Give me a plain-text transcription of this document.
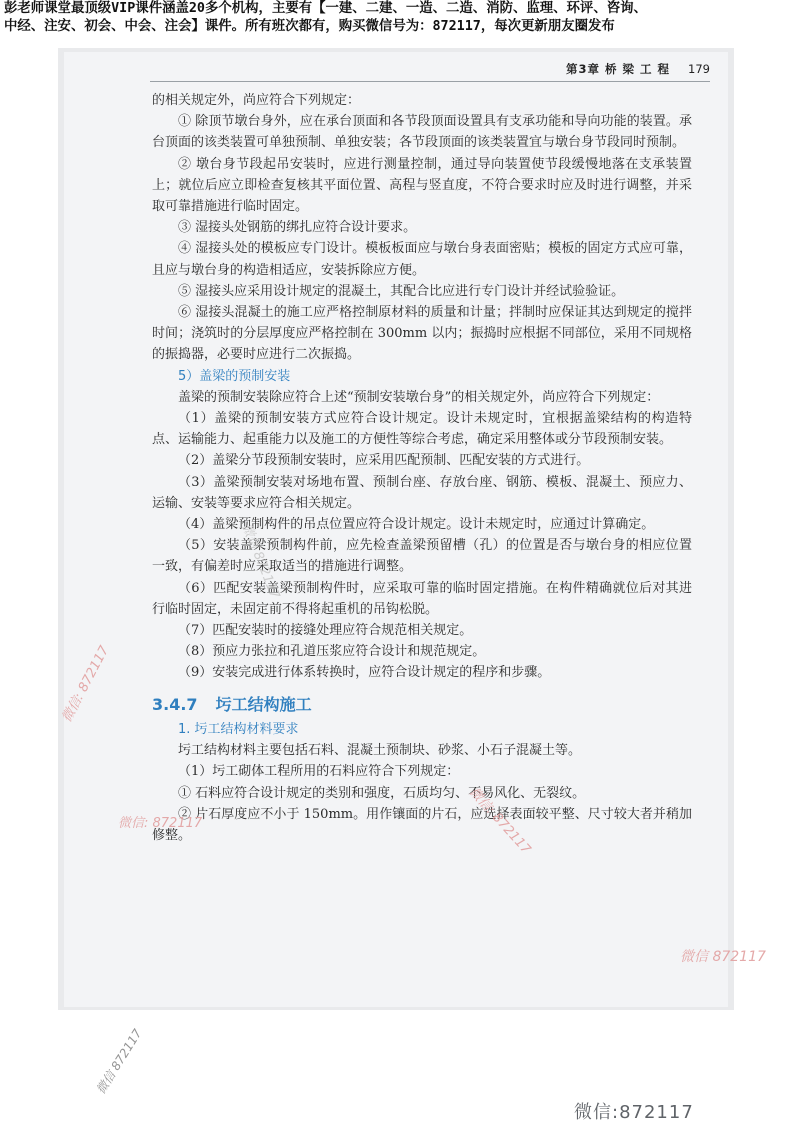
彭老师课堂最顶级VIP课件涵盖20多个机构，主要有【一建、二建、一造、二造、消防、监理、环评、咨询、
中经、注安、初会、中会、注会】课件。所有班次都有，购买微信号为：872117，每次更新朋友圈发布
第3章 桥 梁 工 程 179

的相关规定外，尚应符合下列规定：

① 除顶节墩台身外，应在承台顶面和各节段顶面设置具有支承功能和导向功能的装置。承台顶面的该类装置可单独预制、单独安装；各节段顶面的该类装置宜与墩台身节段同时预制。

② 墩台身节段起吊安装时，应进行测量控制，通过导向装置使节段缓慢地落在支承装置上；就位后应立即检查复核其平面位置、高程与竖直度，不符合要求时应及时进行调整，并采取可靠措施进行临时固定。

③ 湿接头处钢筋的绑扎应符合设计要求。

④ 湿接头处的模板应专门设计。模板板面应与墩台身表面密贴；模板的固定方式应可靠，且应与墩台身的构造相适应，安装拆除应方便。

⑤ 湿接头应采用设计规定的混凝土，其配合比应进行专门设计并经试验验证。

⑥ 湿接头混凝土的施工应严格控制原材料的质量和计量；拌制时应保证其达到规定的搅拌时间；浇筑时的分层厚度应严格控制在 300mm 以内；振捣时应根据不同部位，采用不同规格的振捣器，必要时应进行二次振捣。

5）盖梁的预制安装

盖梁的预制安装除应符合上述“预制安装墩台身”的相关规定外，尚应符合下列规定：

（1）盖梁的预制安装方式应符合设计规定。设计未规定时，宜根据盖梁结构的构造特点、运输能力、起重能力以及施工的方便性等综合考虑，确定采用整体或分节段预制安装。

（2）盖梁分节段预制安装时，应采用匹配预制、匹配安装的方式进行。

（3）盖梁预制安装对场地布置、预制台座、存放台座、钢筋、模板、混凝土、预应力、运输、安装等要求应符合相关规定。

（4）盖梁预制构件的吊点位置应符合设计规定。设计未规定时，应通过计算确定。

（5）安装盖梁预制构件前，应先检查盖梁预留槽（孔）的位置是否与墩台身的相应位置一致，有偏差时应采取适当的措施进行调整。

（6）匹配安装盖梁预制构件时，应采取可靠的临时固定措施。在构件精确就位后对其进行临时固定，未固定前不得将起重机的吊钩松脱。

（7）匹配安装时的接缝处理应符合规范相关规定。

（8）预应力张拉和孔道压浆应符合设计和规范规定。

（9）安装完成进行体系转换时，应符合设计规定的程序和步骤。

3.4.7 圬工结构施工

1. 圬工结构材料要求

圬工结构材料主要包括石料、混凝土预制块、砂浆、小石子混凝土等。

（1）圬工砌体工程所用的石料应符合下列规定：

① 石料应符合设计规定的类别和强度，石质均匀、不易风化、无裂纹。

② 片石厚度应不小于 150mm。用作镶面的片石，应选择表面较平整、尺寸较大者并稍加修整。

微信 872117
微信: 872117
微信: 872117	微信: 872117
微信 872117
微信 872117
微信:872117
